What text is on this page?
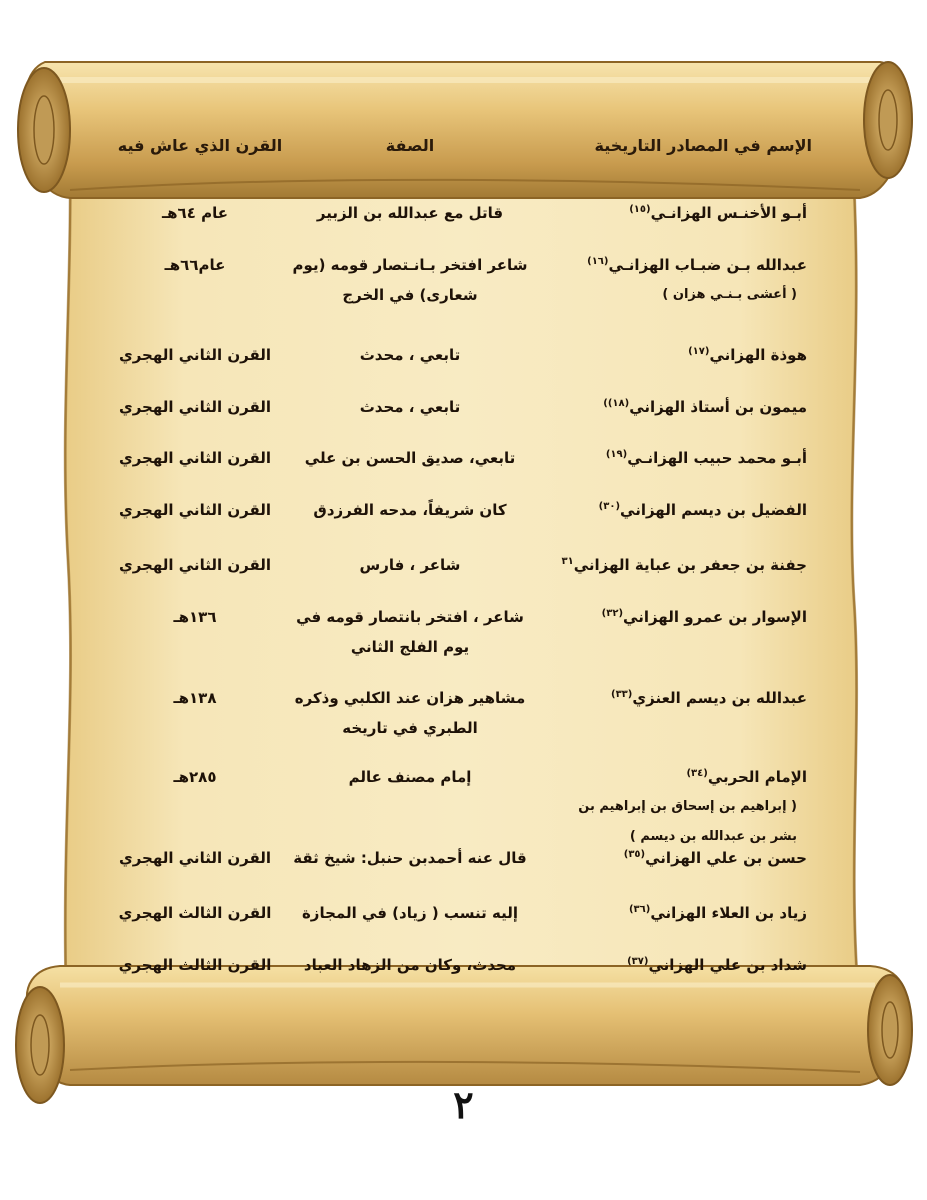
الإسم في المصادر التاريخية
الصفة
القرن الذي عاش فيه
أبـو الأخنـس الهزانـي$^{(١٥)}$
قاتل مع عبدالله بن الزبير
عام ٦٤هـ
عبدالله بـن ضبـاب الهزانـي$^{(١٦)}$
( أعشى بـنـي هزان )
شاعر افتخر بـانـتصار قومه (يوم
شعارى) في الخرج
عام٦٦هـ
هوذة الهزاني$^{(١٧)}$
تابعي ، محدث
القرن الثاني الهجري
ميمون بن أستاذ الهزاني$^{(١٨))}$
تابعي ، محدث
القرن الثاني الهجري
أبـو محمد حبيب الهزانـي$^{(١٩)}$
تابعي، صديق الحسن بن علي
القرن الثاني الهجري
الفضيل بن ديسم الهزاني$^{(٣٠)}$
كان شريفاً، مدحه الفرزدق
القرن الثاني الهجري
جفنة بن جعفر بن عباية الهزاني$^{٣١}$
شاعر ، فارس
القرن الثاني الهجري
الإسوار بن عمرو الهزاني$^{(٣٢)}$
شاعر ، افتخر بانتصار قومه في
يوم الفلج الثاني
١٣٦هـ
عبدالله بن ديسم العنزي$^{(٣٣)}$
مشاهير هزان عند الكلبي وذكره
الطبري في تاريخه
١٣٨هـ
الإمام الحربي$^{(٣٤)}$
( إبراهيم بن إسحاق بن إبراهيم بن
بشر بن عبدالله بن ديسم )
إمام مصنف عالم
٢٨٥هـ
حسن بن علي الهزاني$^{(٣٥)}$
قال عنه أحمدبن حنبل: شيخ ثقة
القرن الثاني الهجري
زياد بن العلاء الهزاني$^{(٣٦)}$
إليه تنسب ( زياد) في المجازة
القرن الثالث الهجري
شداد بن علي الهزاني$^{(٣٧)}$
محدث، وكان من الزهاد العباد
القرن الثالث الهجري
٢
